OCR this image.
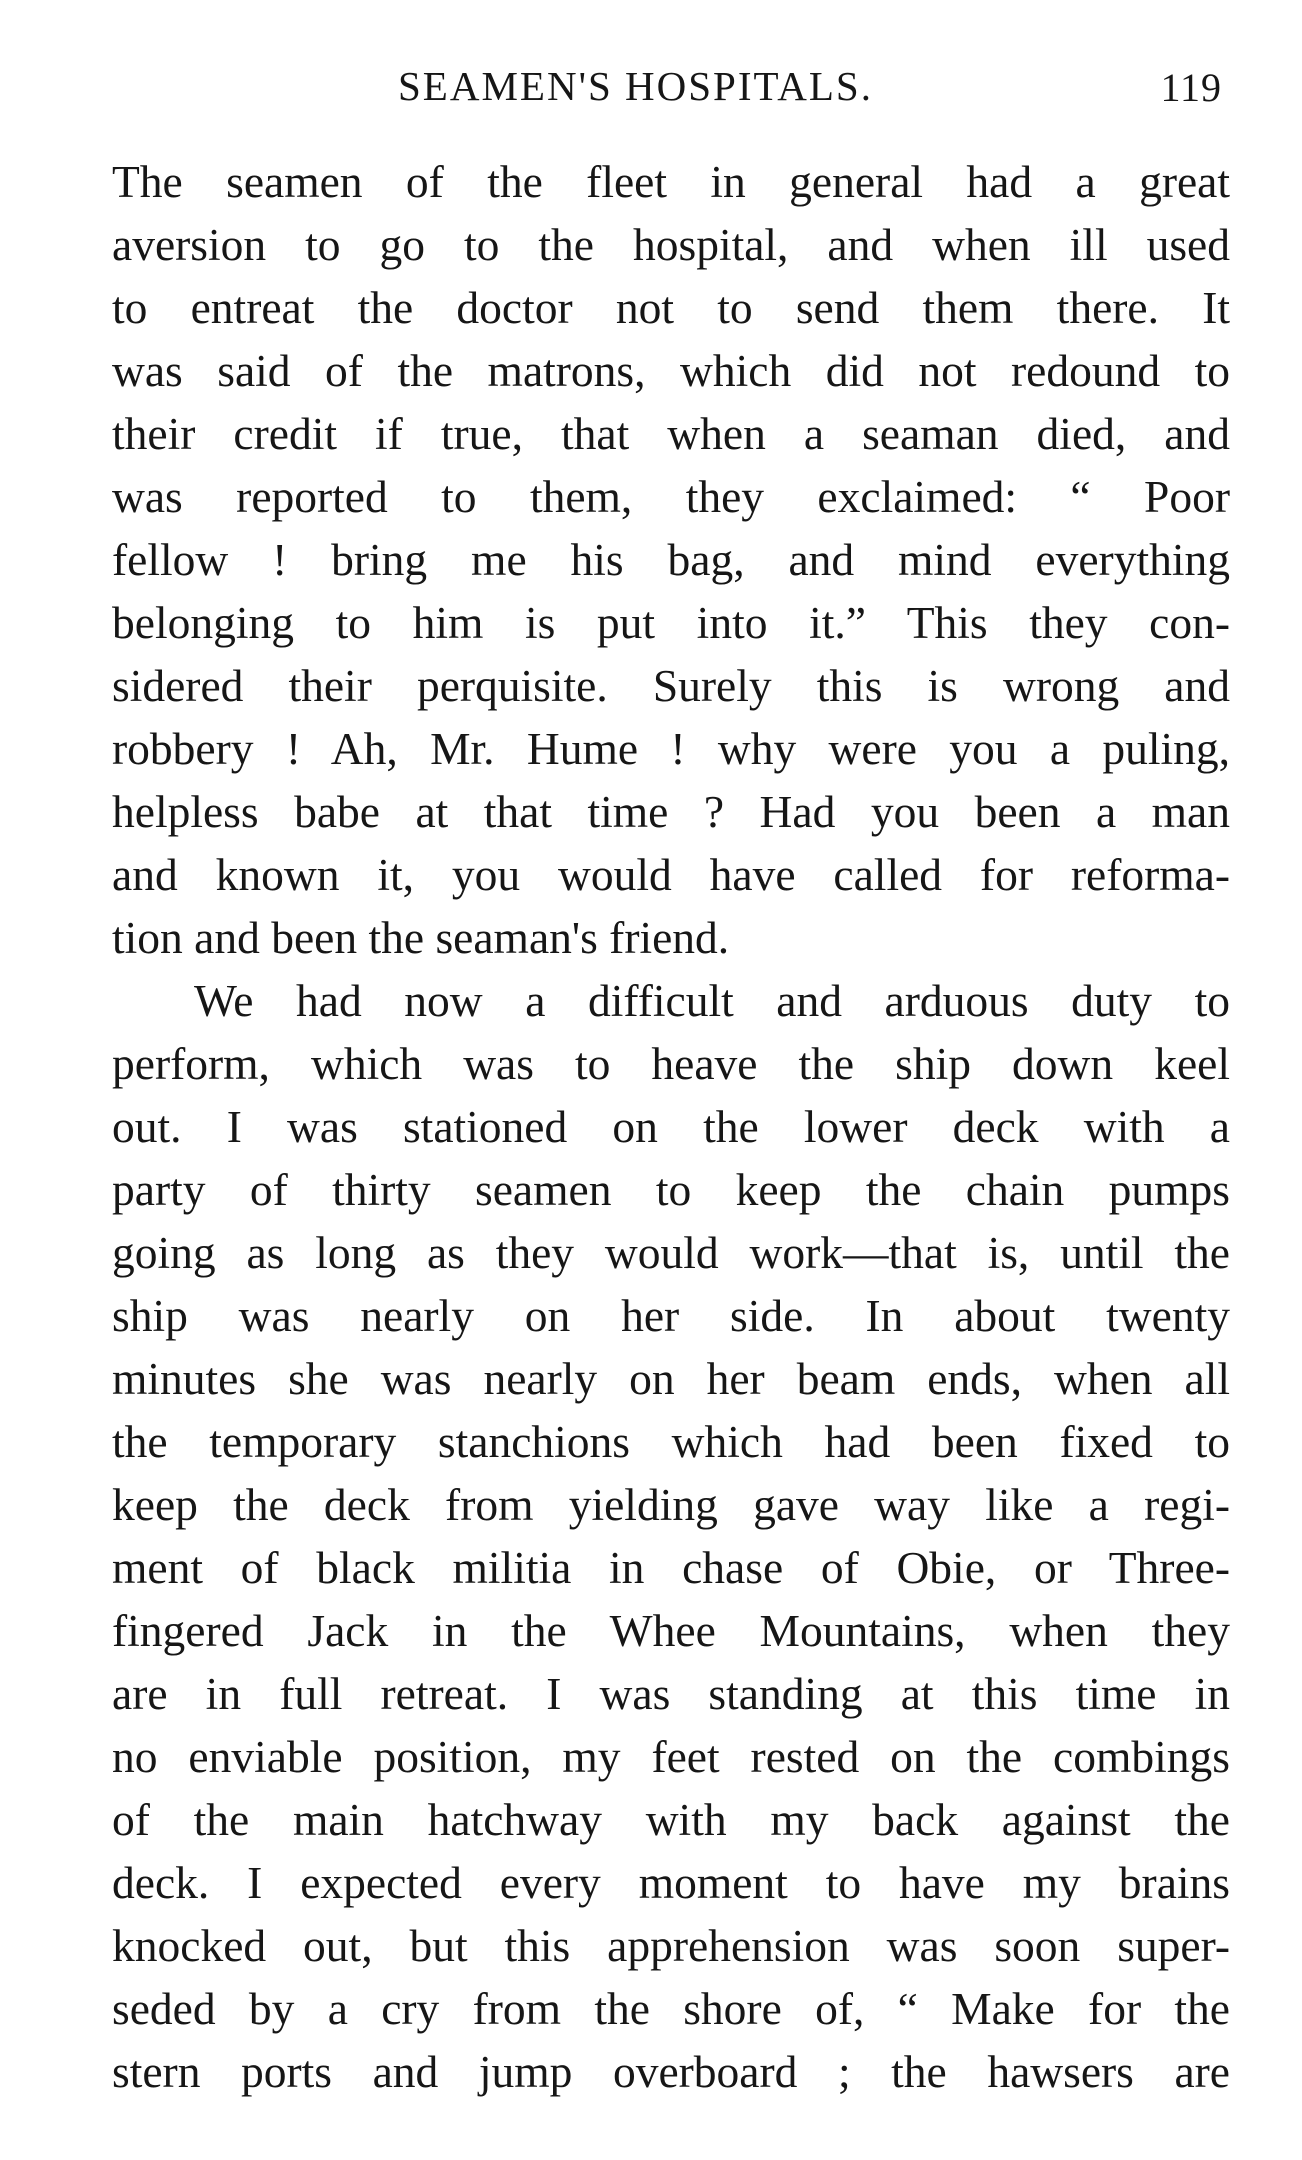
SEAMEN'S HOSPITALS.	119
The seamen of the fleet in general had a great
aversion to go to the hospital, and when ill used
to entreat the doctor not to send them there. It
was said of the matrons, which did not redound to
their credit if true, that when a seaman died, and
was reported to them, they exclaimed: “ Poor
fellow ! bring me his bag, and mind everything
belonging to him is put into it.” This they con-
sidered their perquisite. Surely this is wrong and
robbery ! Ah, Mr. Hume ! why were you a puling,
helpless babe at that time ? Had you been a man
and known it, you would have called for reforma-
tion and been the seaman's friend.
We had now a difficult and arduous duty to
perform, which was to heave the ship down keel
out. I was stationed on the lower deck with a
party of thirty seamen to keep the chain pumps
going as long as they would work—that is, until the
ship was nearly on her side. In about twenty
minutes she was nearly on her beam ends, when all
the temporary stanchions which had been fixed to
keep the deck from yielding gave way like a regi-
ment of black militia in chase of Obie, or Three-
fingered Jack in the Whee Mountains, when they
are in full retreat. I was standing at this time in
no enviable position, my feet rested on the combings
of the main hatchway with my back against the
deck. I expected every moment to have my brains
knocked out, but this apprehension was soon super-
seded by a cry from the shore of, “ Make for the
stern ports and jump overboard ; the hawsers are
